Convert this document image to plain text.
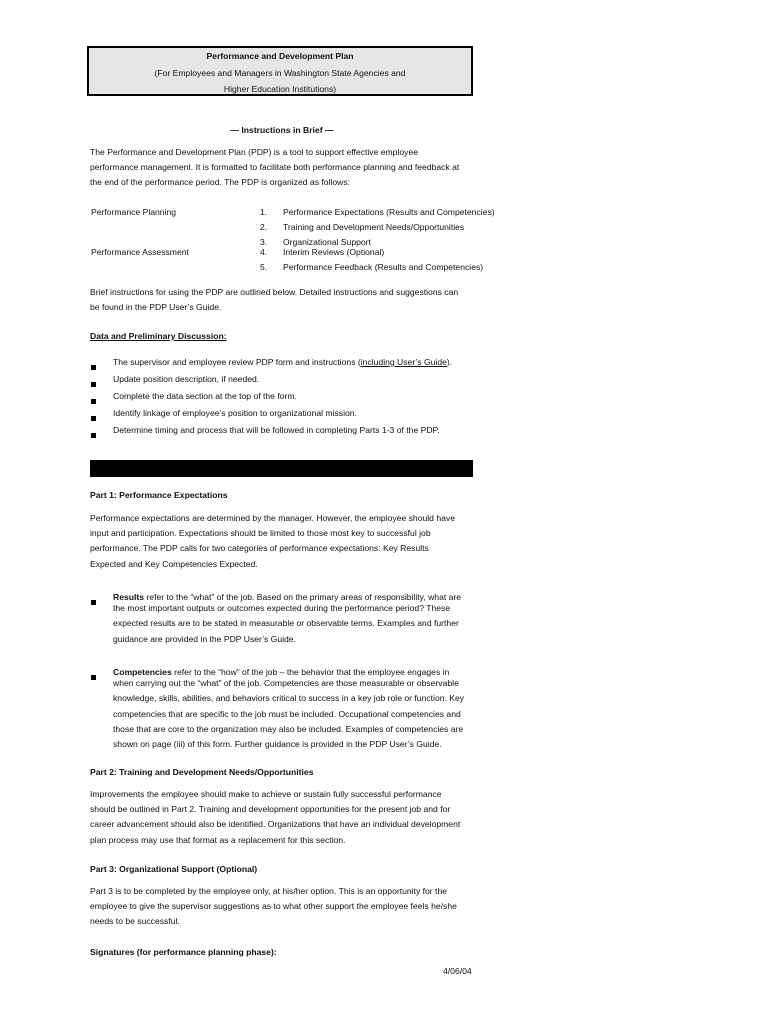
Performance and Development Plan
(For Employees and Managers in Washington State Agencies and
Higher Education Institutions)
— Instructions in Brief —
The Performance and Development Plan (PDP) is a tool to support effective employee
performance management. It is formatted to facilitate both performance planning and feedback at
the end of the performance period. The PDP is organized as follows:
Performance Planning
Performance Assessment
1. Performance Expectations (Results and Competencies)
2. Training and Development Needs/Opportunities
3. Organizational Support
4. Interim Reviews (Optional)
5. Performance Feedback (Results and Competencies)
Brief instructions for using the PDP are outlined below. Detailed instructions and suggestions can
be found in the PDP User’s Guide.
Data and Preliminary Discussion:
The supervisor and employee review PDP form and instructions (including User’s Guide).
Update position description, if needed.
Complete the data section at the top of the form.
Identify linkage of employee’s position to organizational mission.
Determine timing and process that will be followed in completing Parts 1-3 of the PDP.
Part 1: Performance Expectations
Performance expectations are determined by the manager. However, the employee should have
input and participation. Expectations should be limited to those most key to successful job
performance. The PDP calls for two categories of performance expectations: Key Results
Expected and Key Competencies Expected.
Results refer to the “what” of the job. Based on the primary areas of responsibility, what are
the most important outputs or outcomes expected during the performance period? These
expected results are to be stated in measurable or observable terms. Examples and further
guidance are provided in the PDP User’s Guide.
Competencies refer to the “how” of the job – the behavior that the employee engages in
when carrying out the “what” of the job. Competencies are those measurable or observable
knowledge, skills, abilities, and behaviors critical to success in a key job role or function. Key
competencies that are specific to the job must be included. Occupational competencies and
those that are core to the organization may also be included. Examples of competencies are
shown on page (iii) of this form. Further guidance is provided in the PDP User’s Guide.
Part 2: Training and Development Needs/Opportunities
Improvements the employee should make to achieve or sustain fully successful performance
should be outlined in Part 2. Training and development opportunities for the present job and for
career advancement should also be identified. Organizations that have an individual development
plan process may use that format as a replacement for this section.
Part 3: Organizational Support (Optional)
Part 3 is to be completed by the employee only, at his/her option. This is an opportunity for the
employee to give the supervisor suggestions as to what other support the employee feels he/she
needs to be successful.
Signatures (for performance planning phase):
4/06/04
